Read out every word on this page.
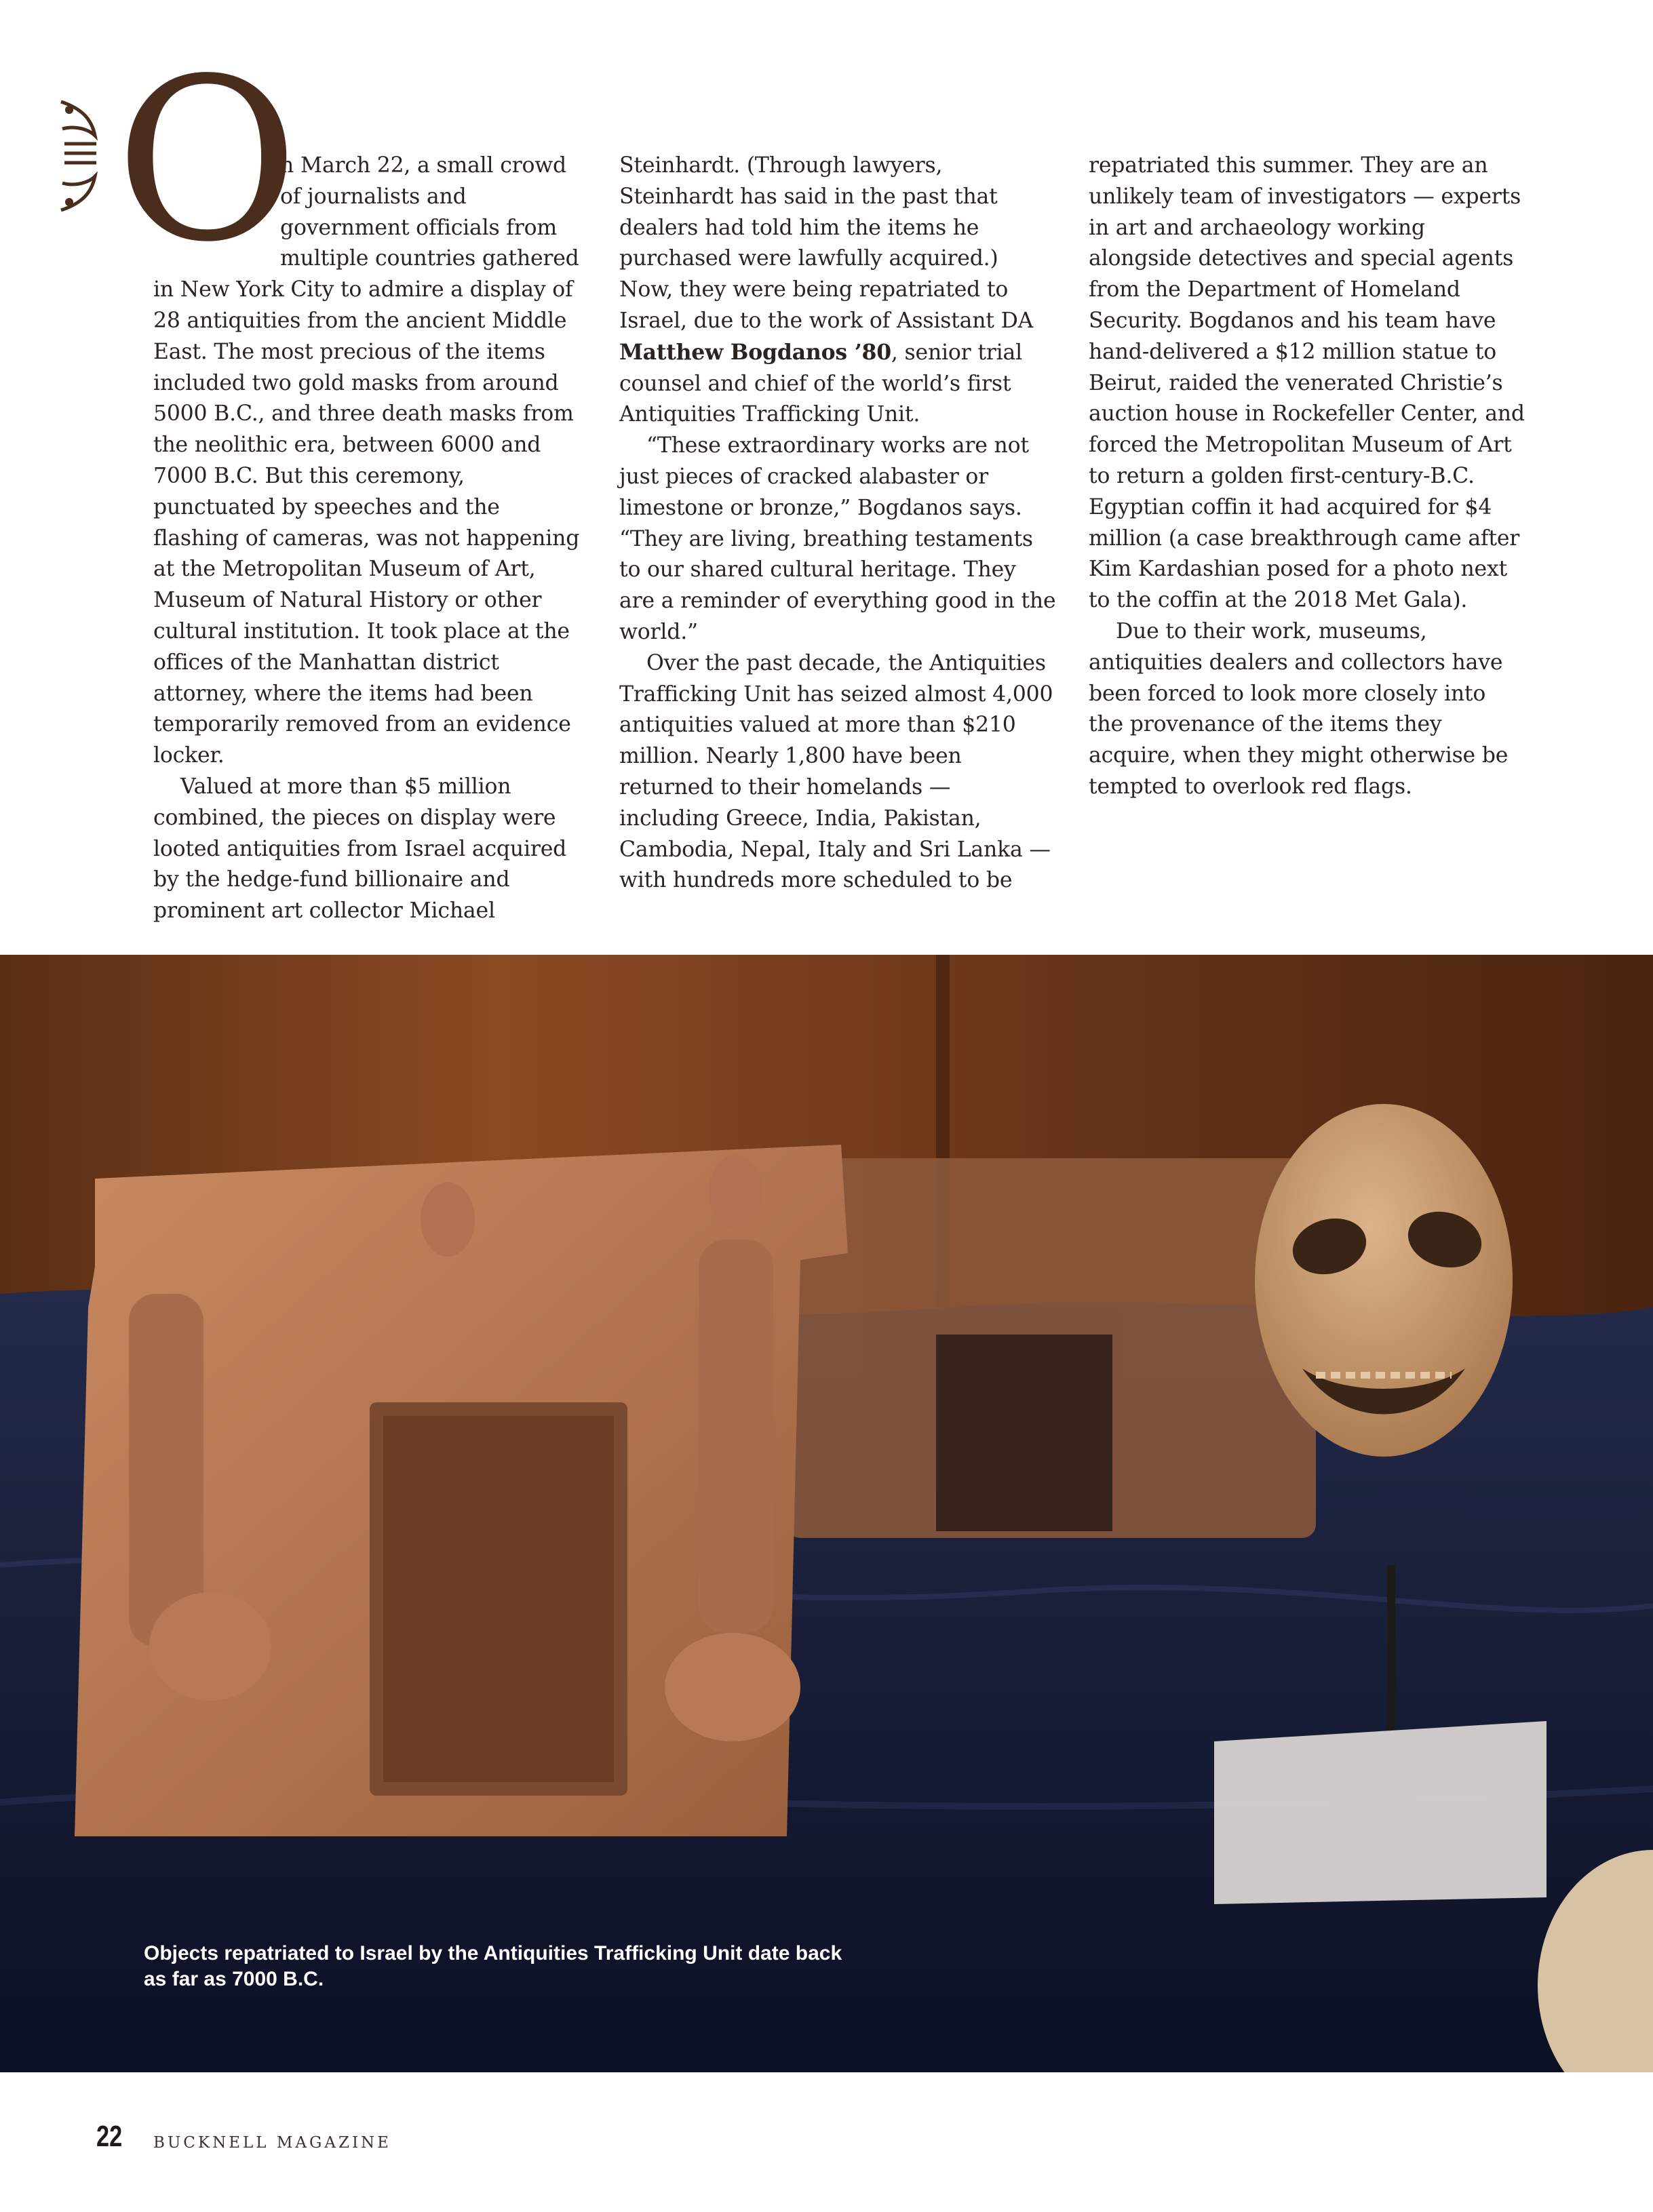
O

n March 22, a small crowd of journalists and government officials from multiple countries gathered in New York City to admire a display of 28 antiquities from the ancient Middle East. The most precious of the items included two gold masks from around 5000 B.C., and three death masks from the neolithic era, between 6000 and 7000 B.C. But this ceremony, punctuated by speeches and the flashing of cameras, was not happening at the Metropolitan Museum of Art, Museum of Natural History or other cultural institution. It took place at the offices of the Manhattan district attorney, where the items had been temporarily removed from an evidence locker.

Valued at more than $5 million combined, the pieces on display were looted antiquities from Israel acquired by the hedge-fund billionaire and prominent art collector Michael

Steinhardt. (Through lawyers, Steinhardt has said in the past that dealers had told him the items he purchased were lawfully acquired.) Now, they were being repatriated to Israel, due to the work of Assistant DA Matthew Bogdanos ’80, senior trial counsel and chief of the world’s first Antiquities Trafficking Unit.

“These extraordinary works are not just pieces of cracked alabaster or limestone or bronze,” Bogdanos says. “They are living, breathing testaments to our shared cultural heritage. They are a reminder of everything good in the world.”

Over the past decade, the Antiquities Trafficking Unit has seized almost 4,000 antiquities valued at more than $210 million. Nearly 1,800 have been returned to their homelands — including Greece, India, Pakistan, Cambodia, Nepal, Italy and Sri Lanka — with hundreds more scheduled to be

repatriated this summer. They are an unlikely team of investigators — experts in art and archaeology working alongside detectives and special agents from the Department of Homeland Security. Bogdanos and his team have hand-delivered a $12 million statue to Beirut, raided the venerated Christie’s auction house in Rockefeller Center, and forced the Metropolitan Museum of Art to return a golden first-century-B.C. Egyptian coffin it had acquired for $4 million (a case breakthrough came after Kim Kardashian posed for a photo next to the coffin at the 2018 Met Gala).

Due to their work, museums, antiquities dealers and collectors have been forced to look more closely into the provenance of the items they acquire, when they might otherwise be tempted to overlook red flags.

Objects repatriated to Israel by the Antiquities Trafficking Unit date back as far as 7000 B.C.
22 BUCKNELL MAGAZINE
